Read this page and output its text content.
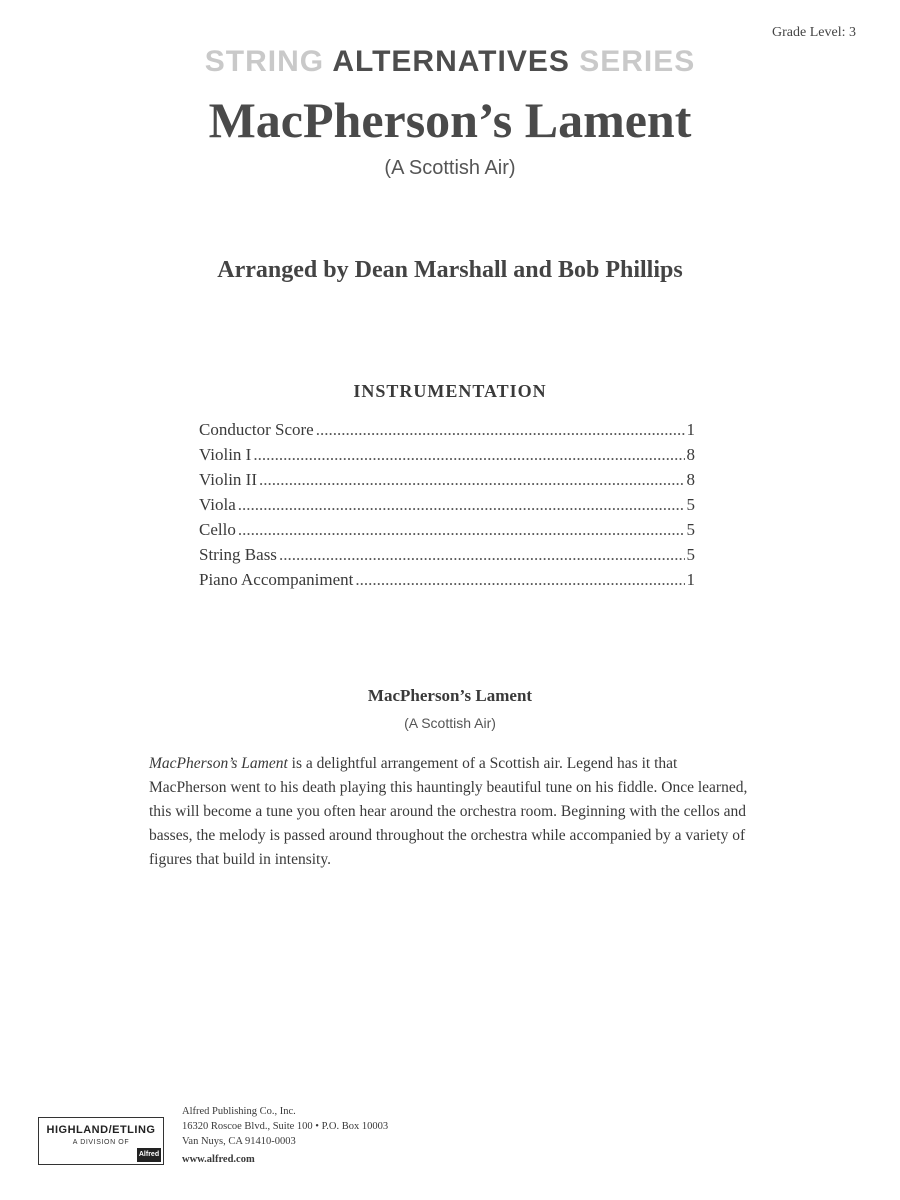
Grade Level: 3
STRING ALTERNATIVES SERIES
MacPherson’s Lament
(A Scottish Air)
Arranged by Dean Marshall and Bob Phillips
INSTRUMENTATION
Conductor Score .....	1
Violin I .....	8
Violin II .....	8
Viola .....	5
Cello .....	5
String Bass .....	5
Piano Accompaniment .....	1
MacPherson’s Lament
(A Scottish Air)

MacPherson’s Lament is a delightful arrangement of a Scottish air. Legend has it that MacPherson went to his death playing this hauntingly beautiful tune on his fiddle. Once learned, this will become a tune you often hear around the orchestra room. Beginning with the cellos and basses, the melody is passed around throughout the orchestra while accompanied by a variety of figures that build in intensity.

HIGHLAND/ETLING
A DIVISION OF
Alfred
Alfred Publishing Co., Inc.
16320 Roscoe Blvd., Suite 100 • P.O. Box 10003
Van Nuys, CA 91410-0003
www.alfred.com
